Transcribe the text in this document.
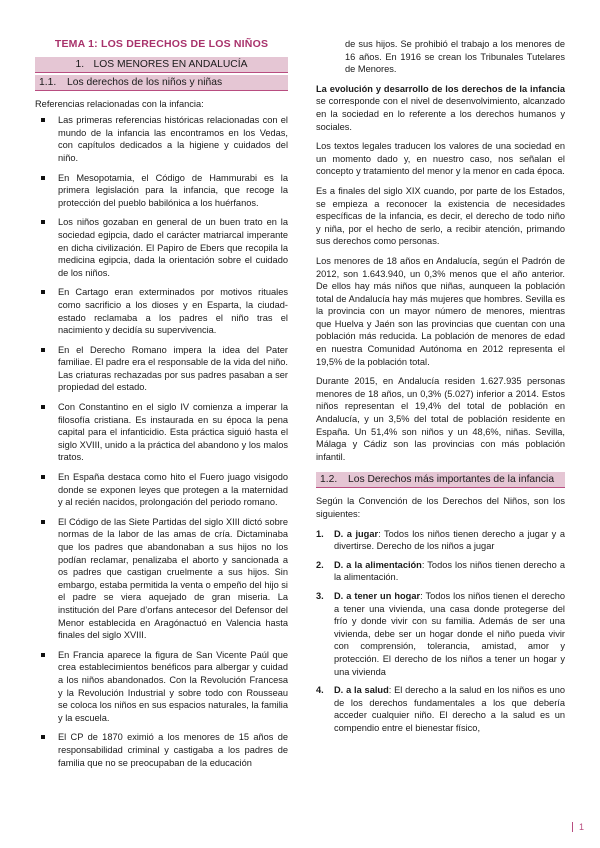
TEMA 1: LOS DERECHOS DE LOS NIÑOS
1. LOS MENORES EN ANDALUCÍA
1.1.	Los derechos de los niños y niñas
Referencias relacionadas con la infancia:
Las primeras referencias históricas relacionadas con el mundo de la infancia las encontramos en los Vedas, con capítulos dedicados a la higiene y cuidados del niño.
En Mesopotamia, el Código de Hammurabi es la primera legislación para la infancia, que recoge la protección del pueblo babilónica a los huérfanos.
Los niños gozaban en general de un buen trato en la sociedad egipcia, dado el carácter matriarcal imperante en dicha civilización. El Papiro de Ebers que recopila la medicina egipcia, dada la orientación sobre el cuidado de los niños.
En Cartago eran exterminados por motivos rituales como sacrificio a los dioses y en Esparta, la ciudad-estado reclamaba a los padres el niño tras el nacimiento y decidía su supervivencia.
En el Derecho Romano impera la idea del Pater familiae. El padre era el responsable de la vida del niño. Las criaturas rechazadas por sus padres pasaban a ser propiedad del estado.
Con Constantino en el siglo IV comienza a imperar la filosofía cristiana. Es instaurada en su época la pena capital para el infanticidio. Esta práctica siguió hasta el siglo XVIII, unido a la práctica del abandono y los malos tratos.
En España destaca como hito el Fuero juago visigodo donde se exponen leyes que protegen a la maternidad y al recién nacidos, prolongación del periodo romano.
El Código de las Siete Partidas del siglo XIII dictó sobre normas de la labor de las amas de cría. Dictaminaba que los padres que abandonaban a sus hijos no los podían reclamar, penalizaba el aborto y sancionada a os padres que castigan cruelmente a sus hijos. Sin embargo, estaba permitida la venta o empeño del hijo si el padre se viera aquejado de gran miseria. La institución del Pare d’orfans antecesor del Defensor del Menor establecida en Aragónactuó en Valencia hasta finales del siglo XVIII.
En Francia aparece la figura de San Vicente Paúl que crea establecimientos benéficos para albergar y cuidad a los niños abandonados. Con la Revolución Francesa y la Revolución Industrial y sobre todo con Rousseau se coloca los niños en sus espacios naturales, la familia y la escuela.
El CP de 1870 eximió a los menores de 15 años de responsabilidad criminal y castigaba a los padres de familia que no se preocupaban de la educación
de sus hijos. Se prohibió el trabajo a los menores de 16 años. En 1916 se crean los Tribunales Tutelares de Menores.
La evolución y desarrollo de los derechos de la infancia se corresponde con el nivel de desenvolvimiento, alcanzado en la sociedad en lo referente a los derechos humanos y sociales.
Los textos legales traducen los valores de una sociedad en un momento dado y, en nuestro caso, nos señalan el concepto y tratamiento del menor y la menor en cada época.
Es a finales del siglo XIX cuando, por parte de los Estados, se empieza a reconocer la existencia de necesidades específicas de la infancia, es decir, el derecho de todo niño y niña, por el hecho de serlo, a recibir atención, primando sus derechos como personas.
Los menores de 18 años en Andalucía, según el Padrón de 2012, son 1.643.940, un 0,3% menos que el año anterior. De ellos hay más niños que niñas, aunqueen la población total de Andalucía hay más mujeres que hombres. Sevilla es la provincia con un mayor número de menores, mientras que Huelva y Jaén son las provincias que cuentan con una población más reducida. La población de menores de edad en nuestra Comunidad Autónoma en 2012 representa el 19,5% de la población total.
Durante 2015, en Andalucía residen 1.627.935 personas menores de 18 años, un 0,3% (5.027) inferior a 2014. Estos niños representan el 19,4% del total de población en Andalucía, y un 3,5% del total de población residente en España. Un 51,4% son niños y un 48,6%, niñas. Sevilla, Málaga y Cádiz son las provincias con más población infantil.
1.2.	Los Derechos más importantes de la infancia
Según la Convención de los Derechos del Niños, son los siguientes:
1. D. a jugar: Todos los niños tienen derecho a jugar y a divertirse. Derecho de los niños a jugar
2. D. a la alimentación: Todos los niños tienen derecho a la alimentación.
3. D. a tener un hogar: Todos los niños tienen el derecho a tener una vivienda, una casa donde protegerse del frío y donde vivir con su familia. Además de ser una vivienda, debe ser un hogar donde el niño pueda vivir con comprensión, tolerancia, amistad, amor y protección. El derecho de los niños a tener un hogar y una vivienda
4. D. a la salud: El derecho a la salud en los niños es uno de los derechos fundamentales a los que debería acceder cualquier niño. El derecho a la salud es un compendio entre el bienestar físico,
1
